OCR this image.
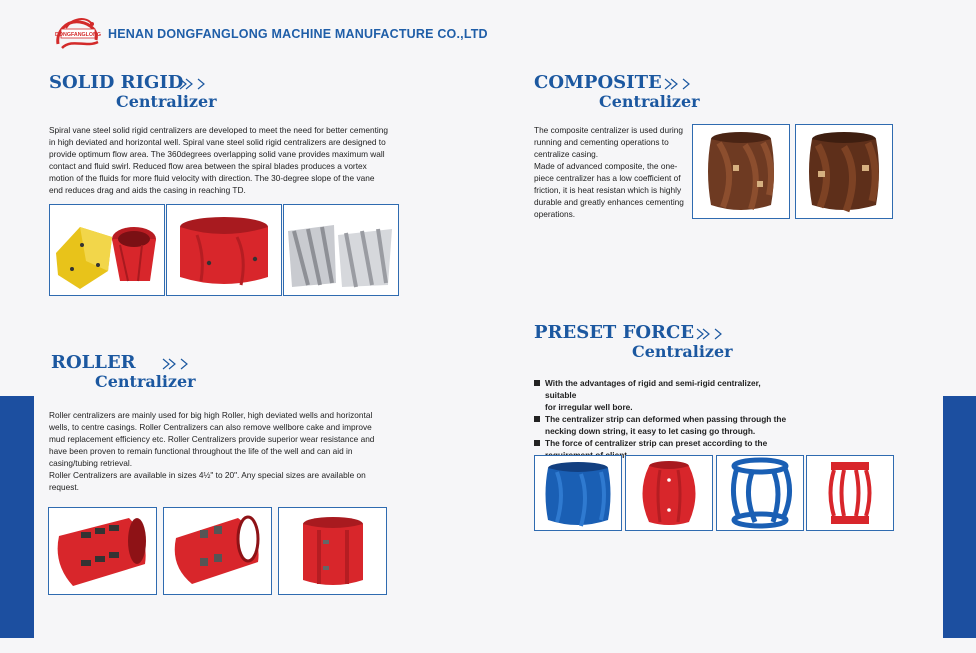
DONGFANGLONG HENAN DONGFANGLONG MACHINE MANUFACTURE CO.,LTD
SOLID RIGID
Centralizer
Spiral vane steel solid rigid centralizers are developed to meet the need for better cementing
in high deviated and horizontal well. Spiral vane steel solid rigid centralizers are designed to
provide optimum flow area. The 360degrees overlapping solid vane provides maximum wall
contact and fluid swirl. Reduced flow area between the spiral blades produces a vortex
motion of the fluids for more fluid velocity with direction. The 30-degree slope of the vane
end reduces drag and aids the casing in reaching TD.
COMPOSITE
Centralizer
The composite centralizer is used during
running and cementing operations to
centralize casing.
Made of advanced composite, the one-
piece centralizer has a low coefficient of
friction, it is heat resistan which is highly
durable and greatly enhances cementing
operations.
ROLLER
Centralizer
Roller centralizers are mainly used for big high Roller, high deviated wells and horizontal
wells, to centre casings. Roller Centralizers can also remove wellbore cake and improve
mud replacement efficiency etc. Roller Centralizers provide superior wear resistance and
have been proven to remain functional throughout the life of the well and can aid in
casing/tubing retrieval.
Roller Centralizers are available in sizes 4½" to 20". Any special sizes are available on
request.
PRESET FORCE
Centralizer
With the advantages of rigid and semi-rigid centralizer, suitable
for irregular well bore.
The centralizer strip can deformed when passing through the
necking down string, it easy to let casing go through.
The force of centralizer strip can preset according to the
